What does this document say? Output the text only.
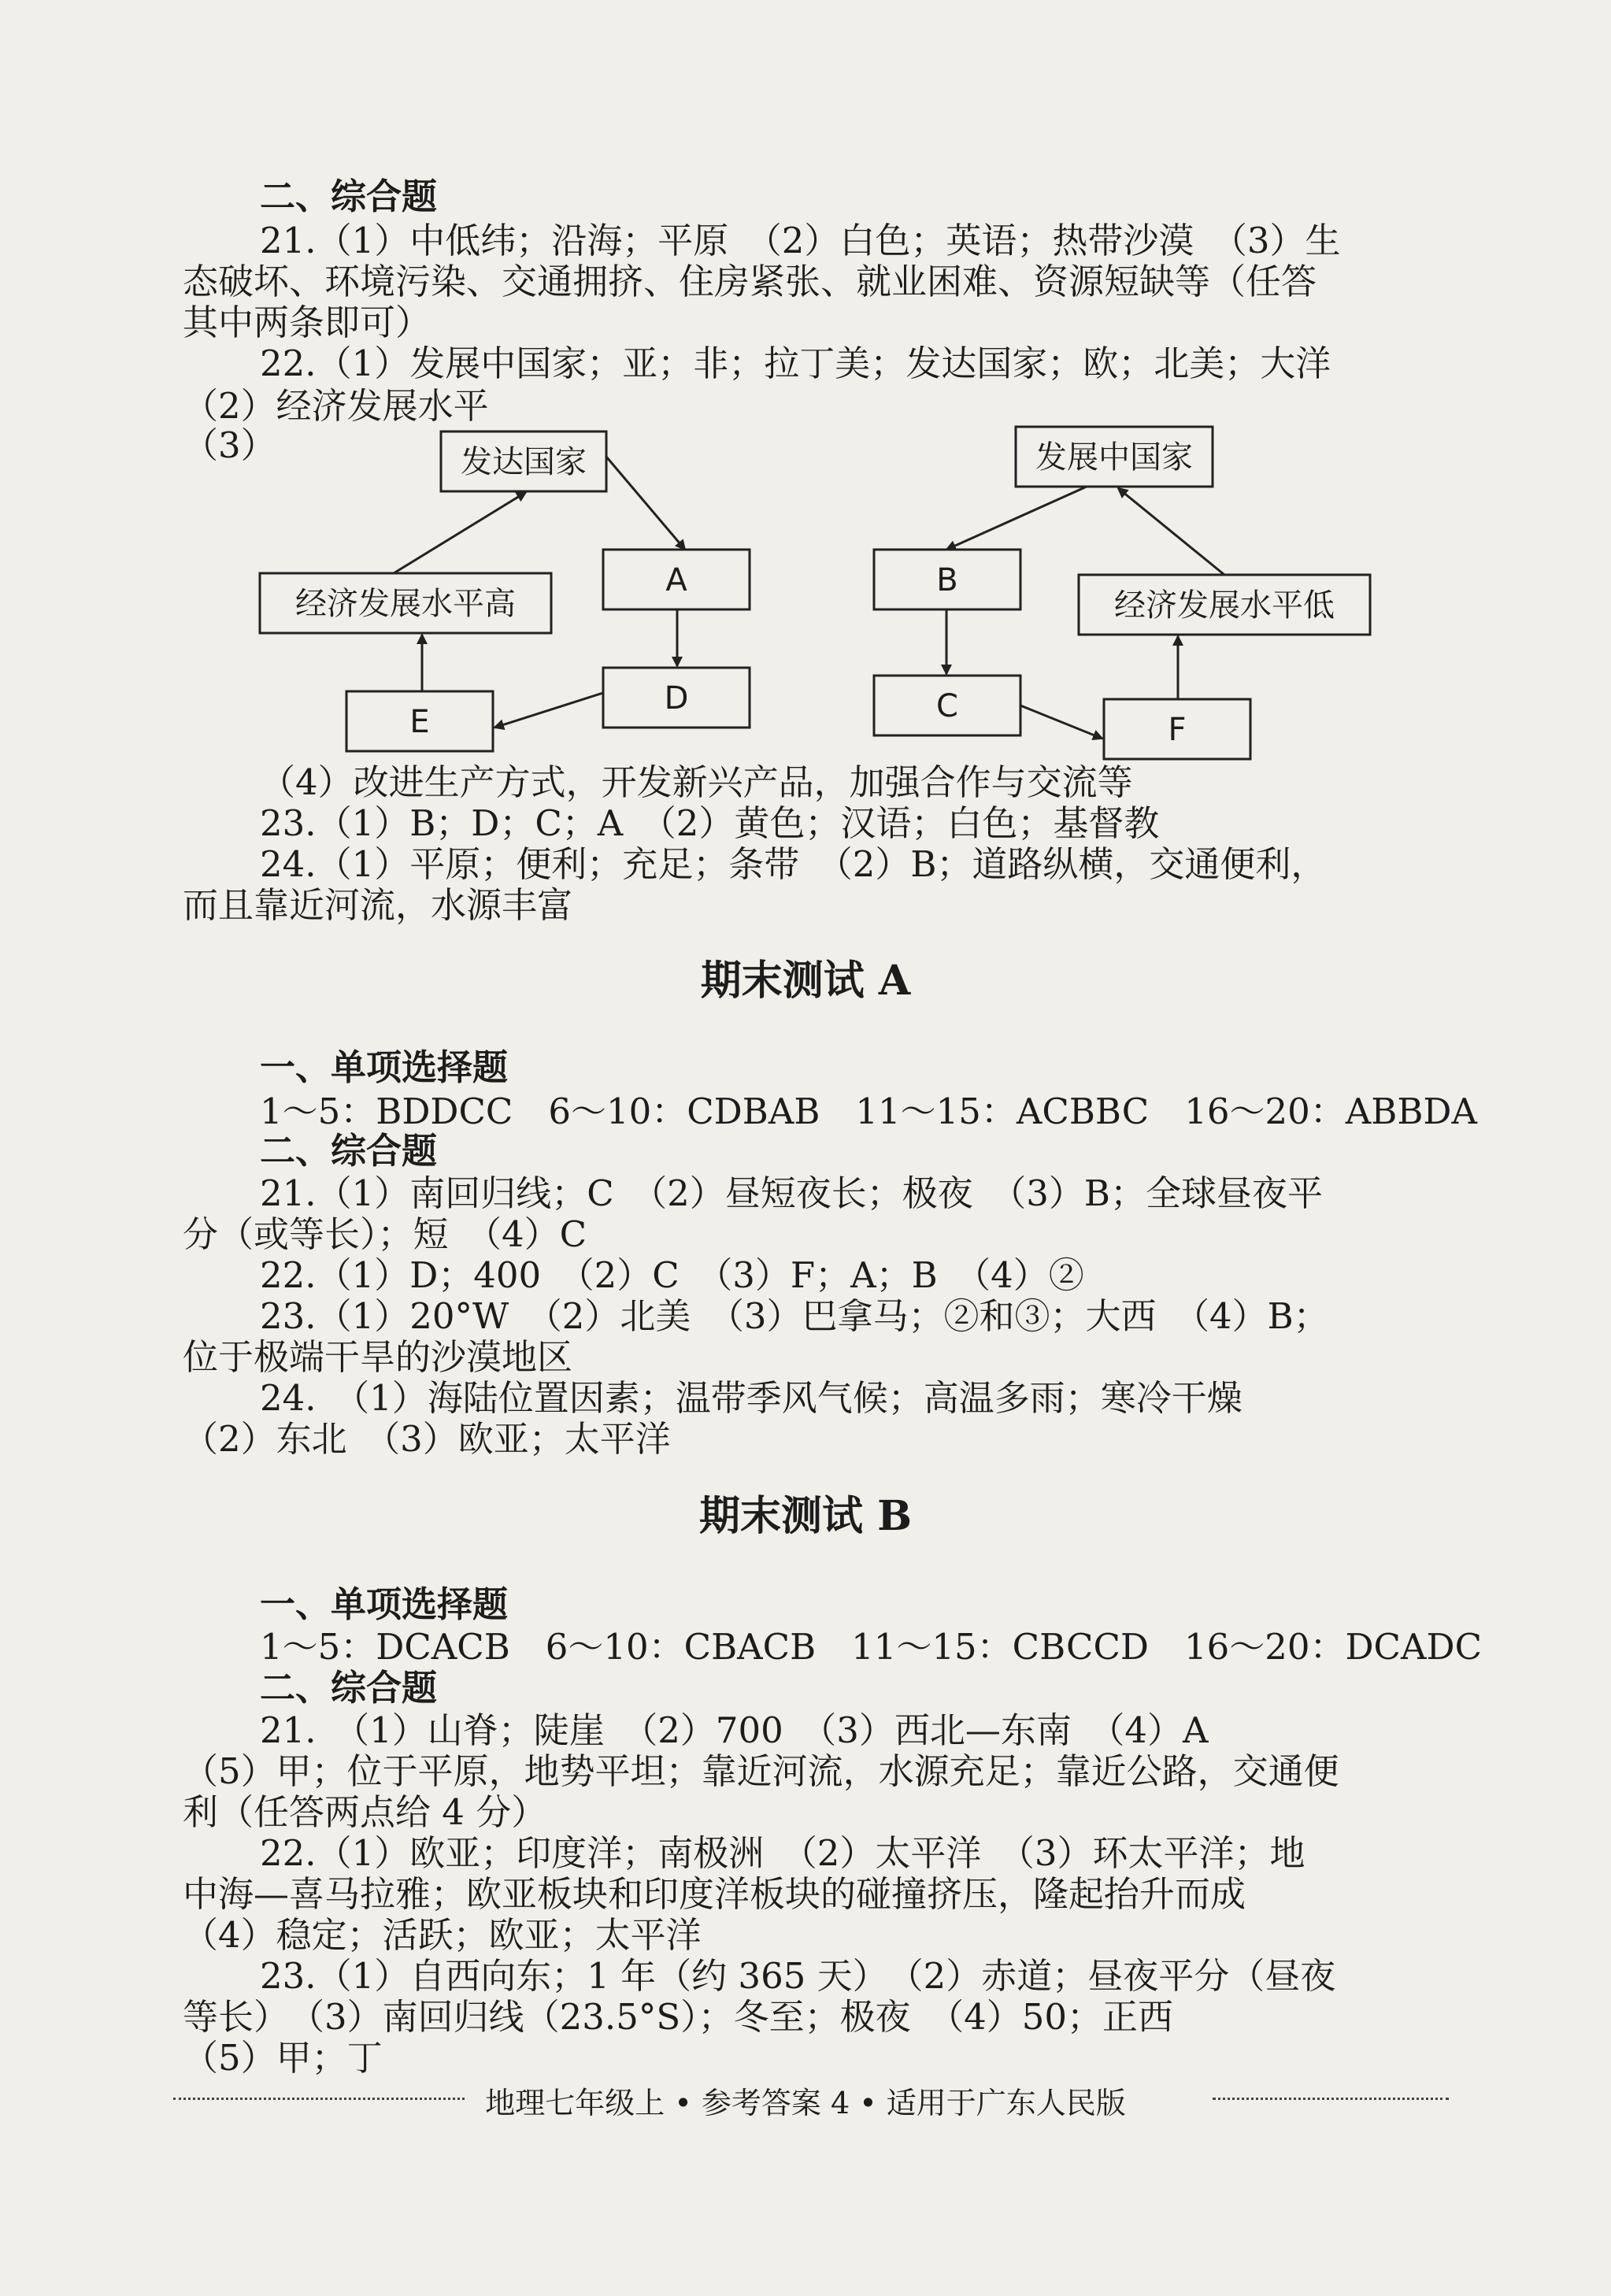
二、综合题
21.（1）中低纬；沿海；平原　（2）白色；英语；热带沙漠　（3）生
态破坏、环境污染、交通拥挤、住房紧张、就业困难、资源短缺等（任答
其中两条即可）
22.（1）发展中国家；亚；非；拉丁美；发达国家；欧；北美；大洋
（2）经济发展水平
（3）	发达国家
经济发展水平高
A
D
E
发展中国家
经济发展水平低
B
C
F
（4）改进生产方式，开发新兴产品，加强合作与交流等
23.（1）B；D；C；A　（2）黄色；汉语；白色；基督教
24.（1）平原；便利；充足；条带　（2）B；道路纵横，交通便利，
而且靠近河流，水源丰富
期末测试 A
一、单项选择题
1～5：BDDCC　6～10：CDBAB　11～15：ACBBC　16～20：ABBDA
二、综合题
21.（1）南回归线；C　（2）昼短夜长；极夜　（3）B；全球昼夜平
分（或等长）；短　（4）C
22.（1）D；400　（2）C　（3）F；A；B　（4）②
23.（1）20°W　（2）北美　（3）巴拿马；②和③；大西　（4）B；
位于极端干旱的沙漠地区
24.　（1）海陆位置因素；温带季风气候；高温多雨；寒冷干燥
（2）东北　（3）欧亚；太平洋
期末测试 B
一、单项选择题
1～5：DCACB　6～10：CBACB　11～15：CBCCD　16～20：DCADC
二、综合题
21.　（1）山脊；陡崖　（2）700　（3）西北—东南　（4）A
（5）甲；位于平原，地势平坦；靠近河流，水源充足；靠近公路，交通便
利（任答两点给 4 分）
22.（1）欧亚；印度洋；南极洲　（2）太平洋　（3）环太平洋；地
中海—喜马拉雅；欧亚板块和印度洋板块的碰撞挤压，隆起抬升而成
（4）稳定；活跃；欧亚；太平洋
23.（1）自西向东；1 年（约 365 天）　（2）赤道；昼夜平分（昼夜
等长）　（3）南回归线（23.5°S）；冬至；极夜　（4）50；正西
（5）甲；丁
地理七年级上 • 参考答案 4 • 适用于广东人民版
